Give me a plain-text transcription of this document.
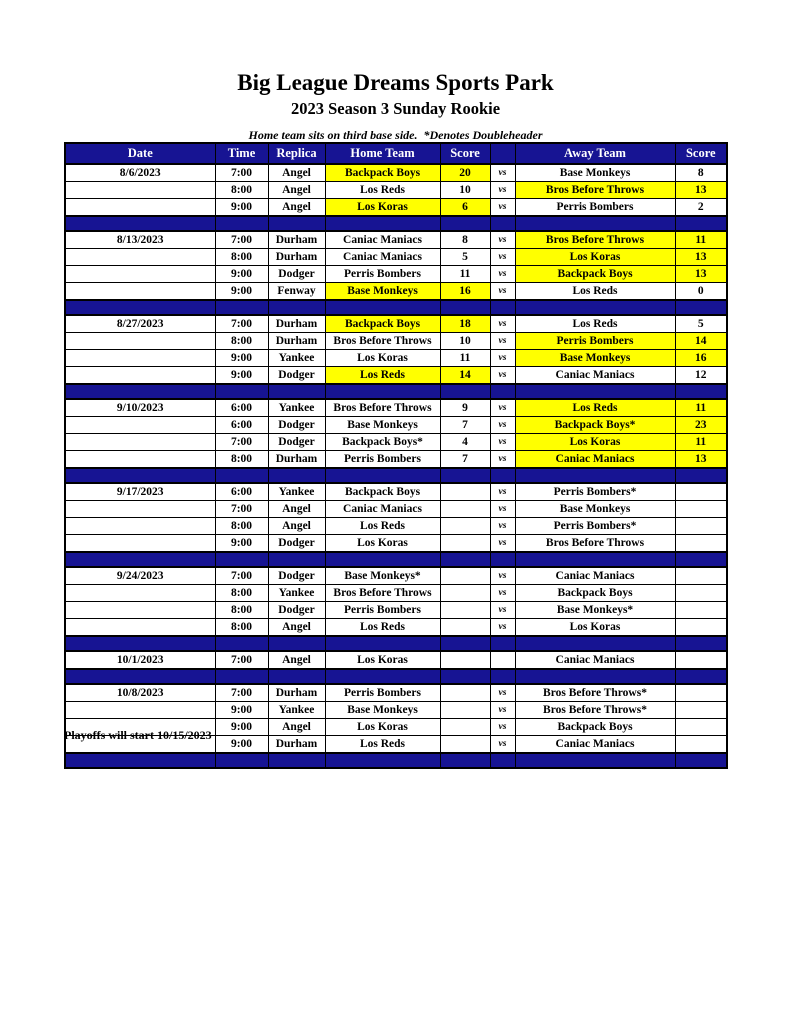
Big League Dreams Sports Park
2023 Season 3 Sunday Rookie
Home team sits on third base side.  *Denotes Doubleheader
Date	Time	Replica	Home Team	Score		Away Team	Score
8/6/2023	7:00	Angel	Backpack Boys	20	vs	Base Monkeys	8
	8:00	Angel	Los Reds	10	vs	Bros Before Throws	13
	9:00	Angel	Los Koras	6	vs	Perris Bombers	2

8/13/2023	7:00	Durham	Caniac Maniacs	8	vs	Bros Before Throws	11
	8:00	Durham	Caniac Maniacs	5	vs	Los Koras	13
	9:00	Dodger	Perris Bombers	11	vs	Backpack Boys	13
	9:00	Fenway	Base Monkeys	16	vs	Los Reds	0

8/27/2023	7:00	Durham	Backpack Boys	18	vs	Los Reds	5
	8:00	Durham	Bros Before Throws	10	vs	Perris Bombers	14
	9:00	Yankee	Los Koras	11	vs	Base Monkeys	16
	9:00	Dodger	Los Reds	14	vs	Caniac Maniacs	12

9/10/2023	6:00	Yankee	Bros Before Throws	9	vs	Los Reds	11
	6:00	Dodger	Base Monkeys	7	vs	Backpack Boys*	23
	7:00	Dodger	Backpack Boys*	4	vs	Los Koras	11
	8:00	Durham	Perris Bombers	7	vs	Caniac Maniacs	13

9/17/2023	6:00	Yankee	Backpack Boys		vs	Perris Bombers*	
	7:00	Angel	Caniac Maniacs		vs	Base Monkeys	
	8:00	Angel	Los Reds		vs	Perris Bombers*	
	9:00	Dodger	Los Koras		vs	Bros Before Throws	

9/24/2023	7:00	Dodger	Base Monkeys*		vs	Caniac Maniacs	
	8:00	Yankee	Bros Before Throws		vs	Backpack Boys	
	8:00	Dodger	Perris Bombers		vs	Base Monkeys*	
	8:00	Angel	Los Reds		vs	Los Koras	

10/1/2023	7:00	Angel	Los Koras			Caniac Maniacs	

10/8/2023	7:00	Durham	Perris Bombers		vs	Bros Before Throws*	
	9:00	Yankee	Base Monkeys		vs	Bros Before Throws*	
	9:00	Angel	Los Koras		vs	Backpack Boys	
	9:00	Durham	Los Reds		vs	Caniac Maniacs	

Playoffs will start 10/15/2023
